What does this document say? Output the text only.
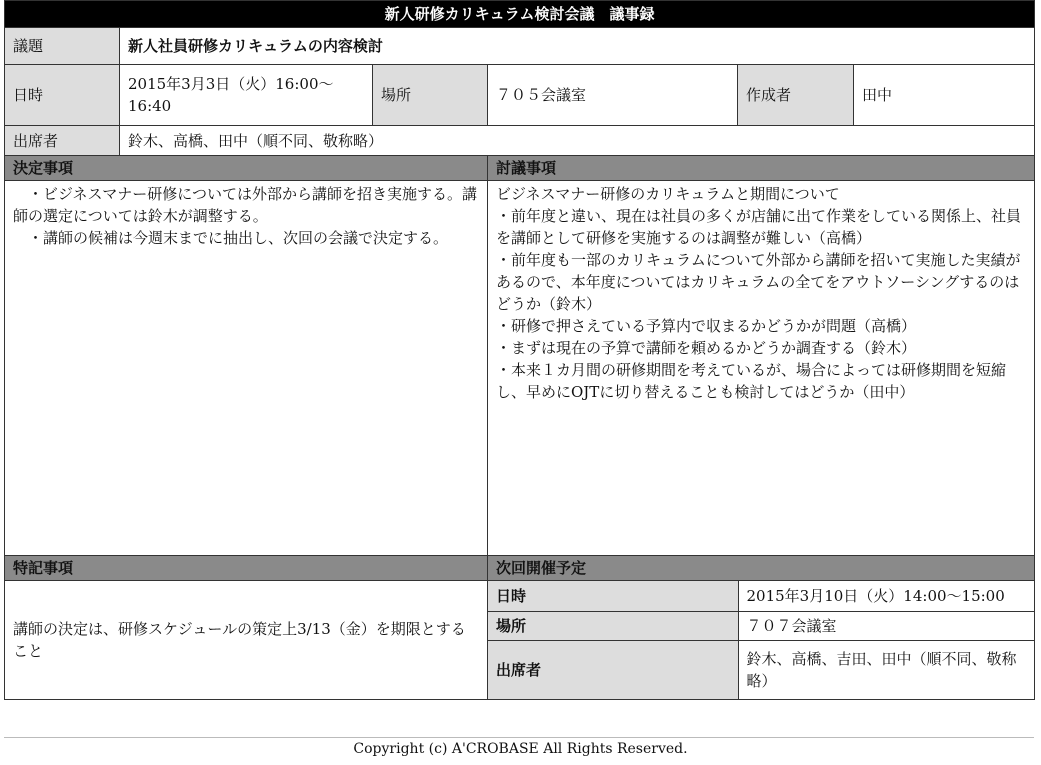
新人研修カリキュラム検討会議　議事録
議題	新人社員研修カリキュラムの内容検討
日時	2015年3月3日（火）16:00〜16:40	場所	７０５会議室	作成者	田中
出席者	鈴木、高橋、田中（順不同、敬称略）
決定事項	討議事項

　・ビジネスマナー研修については外部から講師を招き実施する。講師の選定については鈴木が調整する。
　・講師の候補は今週末までに抽出し、次回の会議で決定する。

ビジネスマナー研修のカリキュラムと期間について
・前年度と違い、現在は社員の多くが店舗に出て作業をしている関係上、社員を講師として研修を実施するのは調整が難しい（高橋）
・前年度も一部のカリキュラムについて外部から講師を招いて実施した実績があるので、本年度についてはカリキュラムの全てをアウトソーシングするのはどうか（鈴木）
・研修で押さえている予算内で収まるかどうかが問題（高橋）
・まずは現在の予算で講師を頼めるかどうか調査する（鈴木）
・本来１カ月間の研修期間を考えているが、場合によっては研修期間を短縮し、早めにOJTに切り替えることも検討してはどうか（田中）

特記事項	次回開催予定
講師の決定は、研修スケジュールの策定上3/13（金）を期限とすること	
日時	2015年3月10日（火）14:00〜15:00
場所	７０７会議室
出席者	鈴木、高橋、吉田、田中（順不同、敬称略）
Copyright (c) A'CROBASE All Rights Reserved.
